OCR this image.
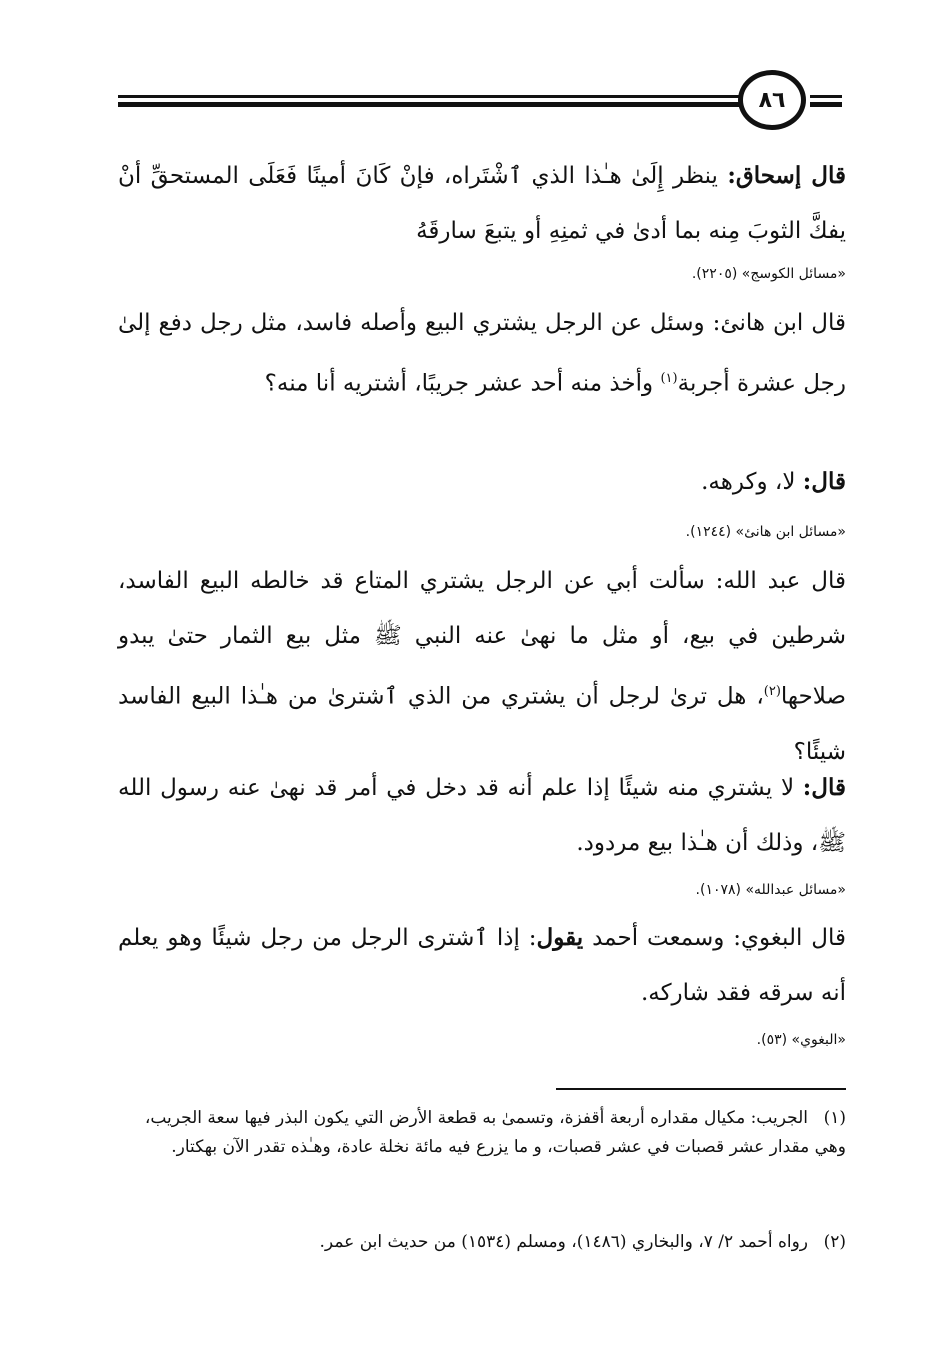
٨٦

قال إسحاق: ينظر إِلَىٰ هـٰذا الذي ٱشْتَراه، فإنْ كَانَ أمينًا فَعَلَى المستحقِّ أنْ يفكَّ الثوبَ مِنه بما أدىٰ في ثمنِهِ أو يتبعَ سارقَهُ

«مسائل الكوسج» (٢٢٠٥).

قال ابن هانئ: وسئل عن الرجل يشتري البيع وأصله فاسد، مثل رجل دفع إلىٰ رجل عشرة أجربة$^{(١)}$ وأخذ منه أحد عشر جريبًا، أشتريه أنا منه؟

قال: لا، وكرهه.

«مسائل ابن هانئ» (١٢٤٤).

قال عبد الله: سألت أبي عن الرجل يشتري المتاع قد خالطه البيع الفاسد، شرطين في بيع، أو مثل ما نهىٰ عنه النبي ﷺ مثل بيع الثمار حتىٰ يبدو صلاحها$^{(٢)}$، هل ترىٰ لرجل أن يشتري من الذي ٱشترىٰ من هـٰذا البيع الفاسد شيئًا؟

قال: لا يشتري منه شيئًا إذا علم أنه قد دخل في أمر قد نهىٰ عنه رسول الله ﷺ، وذلك أن هـٰذا بيع مردود.

«مسائل عبدالله» (١٠٧٨).

قال البغوي: وسمعت أحمد يقول: إذا ٱشترى الرجل من رجل شيئًا وهو يعلم أنه سرقه فقد شاركه.

«البغوي» (٥٣).
(١)الجريب: مكيال مقداره أربعة أقفزة، وتسمىٰ به قطعة الأرض التي يكون البذر فيها سعة الجريب، وهي مقدار عشر قصبات في عشر قصبات، و ما يزرع فيه مائة نخلة عادة، وهـٰذه تقدر الآن بهكتار.
(٢)رواه أحمد ٢/ ٧، والبخاري (١٤٨٦)، ومسلم (١٥٣٤) من حديث ابن عمر.
